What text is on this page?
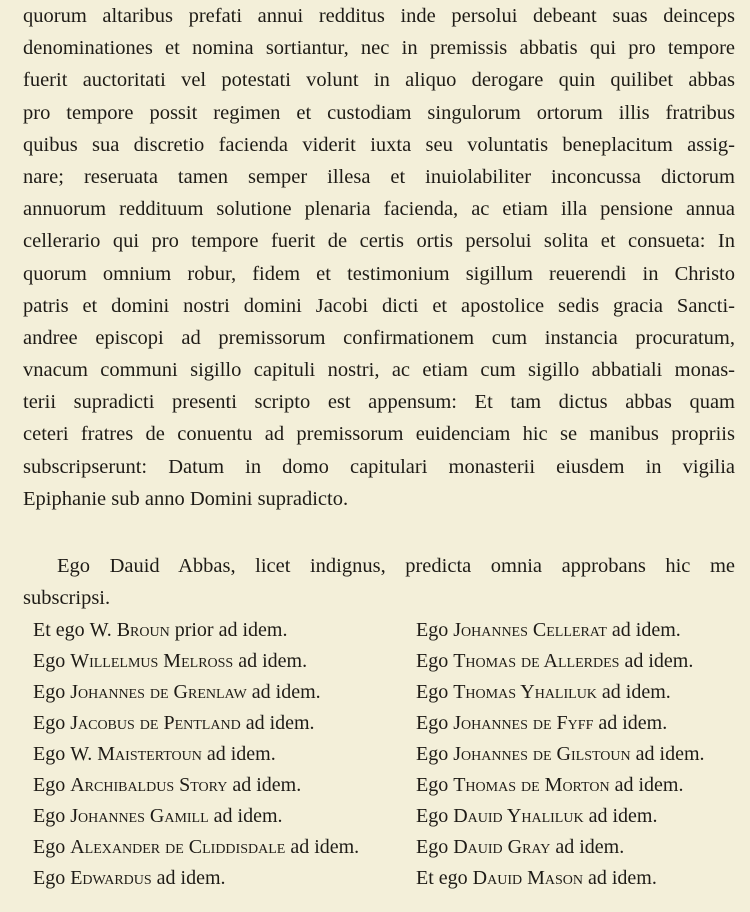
quorum altaribus prefati annui redditus inde persolui debeant suas deinceps
denominationes et nomina sortiantur, nec in premissis abbatis qui pro tempore
fuerit auctoritati vel potestati volunt in aliquo derogare quin quilibet abbas
pro tempore possit regimen et custodiam singulorum ortorum illis fratribus
quibus sua discretio facienda viderit iuxta seu voluntatis beneplacitum assig-
nare; reseruata tamen semper illesa et inuiolabiliter inconcussa dictorum
annuorum reddituum solutione plenaria facienda, ac etiam illa pensione annua
cellerario qui pro tempore fuerit de certis ortis persolui solita et consueta: In
quorum omnium robur, fidem et testimonium sigillum reuerendi in Christo
patris et domini nostri domini Jacobi dicti et apostolice sedis gracia Sancti-
andree episcopi ad premissorum confirmationem cum instancia procuratum,
vnacum communi sigillo capituli nostri, ac etiam cum sigillo abbatiali monas-
terii supradicti presenti scripto est appensum: Et tam dictus abbas quam
ceteri fratres de conuentu ad premissorum euidenciam hic se manibus propriis
subscripserunt: Datum in domo capitulari monasterii eiusdem in vigilia
Epiphanie sub anno Domini supradicto.
Ego Dauid Abbas, licet indignus, predicta omnia approbans hic me
subscripsi.
Et ego W. Broun prior ad idem.	Ego Johannes Cellerat ad idem.
Ego Willelmus Melross ad idem.	Ego Thomas de Allerdes ad idem.
Ego Johannes de Grenlaw ad idem.	Ego Thomas Yhaliluk ad idem.
Ego Jacobus de Pentland ad idem.	Ego Johannes de Fyff ad idem.
Ego W. Maistertoun ad idem.	Ego Johannes de Gilstoun ad idem.
Ego Archibaldus Story ad idem.	Ego Thomas de Morton ad idem.
Ego Johannes Gamill ad idem.	Ego Dauid Yhaliluk ad idem.
Ego Alexander de Cliddisdale ad idem.	Ego Dauid Gray ad idem.
Ego Edwardus ad idem.	Et ego Dauid Mason ad idem.
